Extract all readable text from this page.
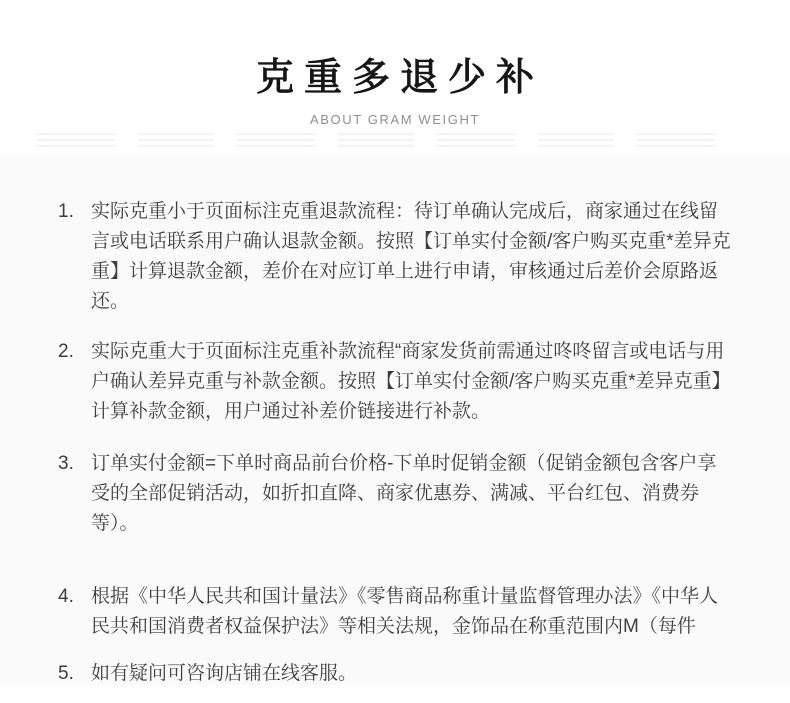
克重多退少补
ABOUT GRAM WEIGHT
1. 实际克重小于页面标注克重退款流程：待订单确认完成后，商家通过在线留言或电话联系用户确认退款金额。按照【订单实付金额/客户购买克重*差异克重】计算退款金额，差价在对应订单上进行申请，审核通过后差价会原路返还。
2. 实际克重大于页面标注克重补款流程“商家发货前需通过咚咚留言或电话与用户确认差异克重与补款金额。按照【订单实付金额/客户购买克重*差异克重】计算补款金额，用户通过补差价链接进行补款。
3. 订单实付金额=下单时商品前台价格-下单时促销金额（促销金额包含客户享受的全部促销活动，如折扣直降、商家优惠券、满减、平台红包、消费券等）。
4. 根据《中华人民共和国计量法》《零售商品称重计量监督管理办法》《中华人民共和国消费者权益保护法》等相关法规，金饰品在称重范围内M（每件
5. 如有疑问可咨询店铺在线客服。
